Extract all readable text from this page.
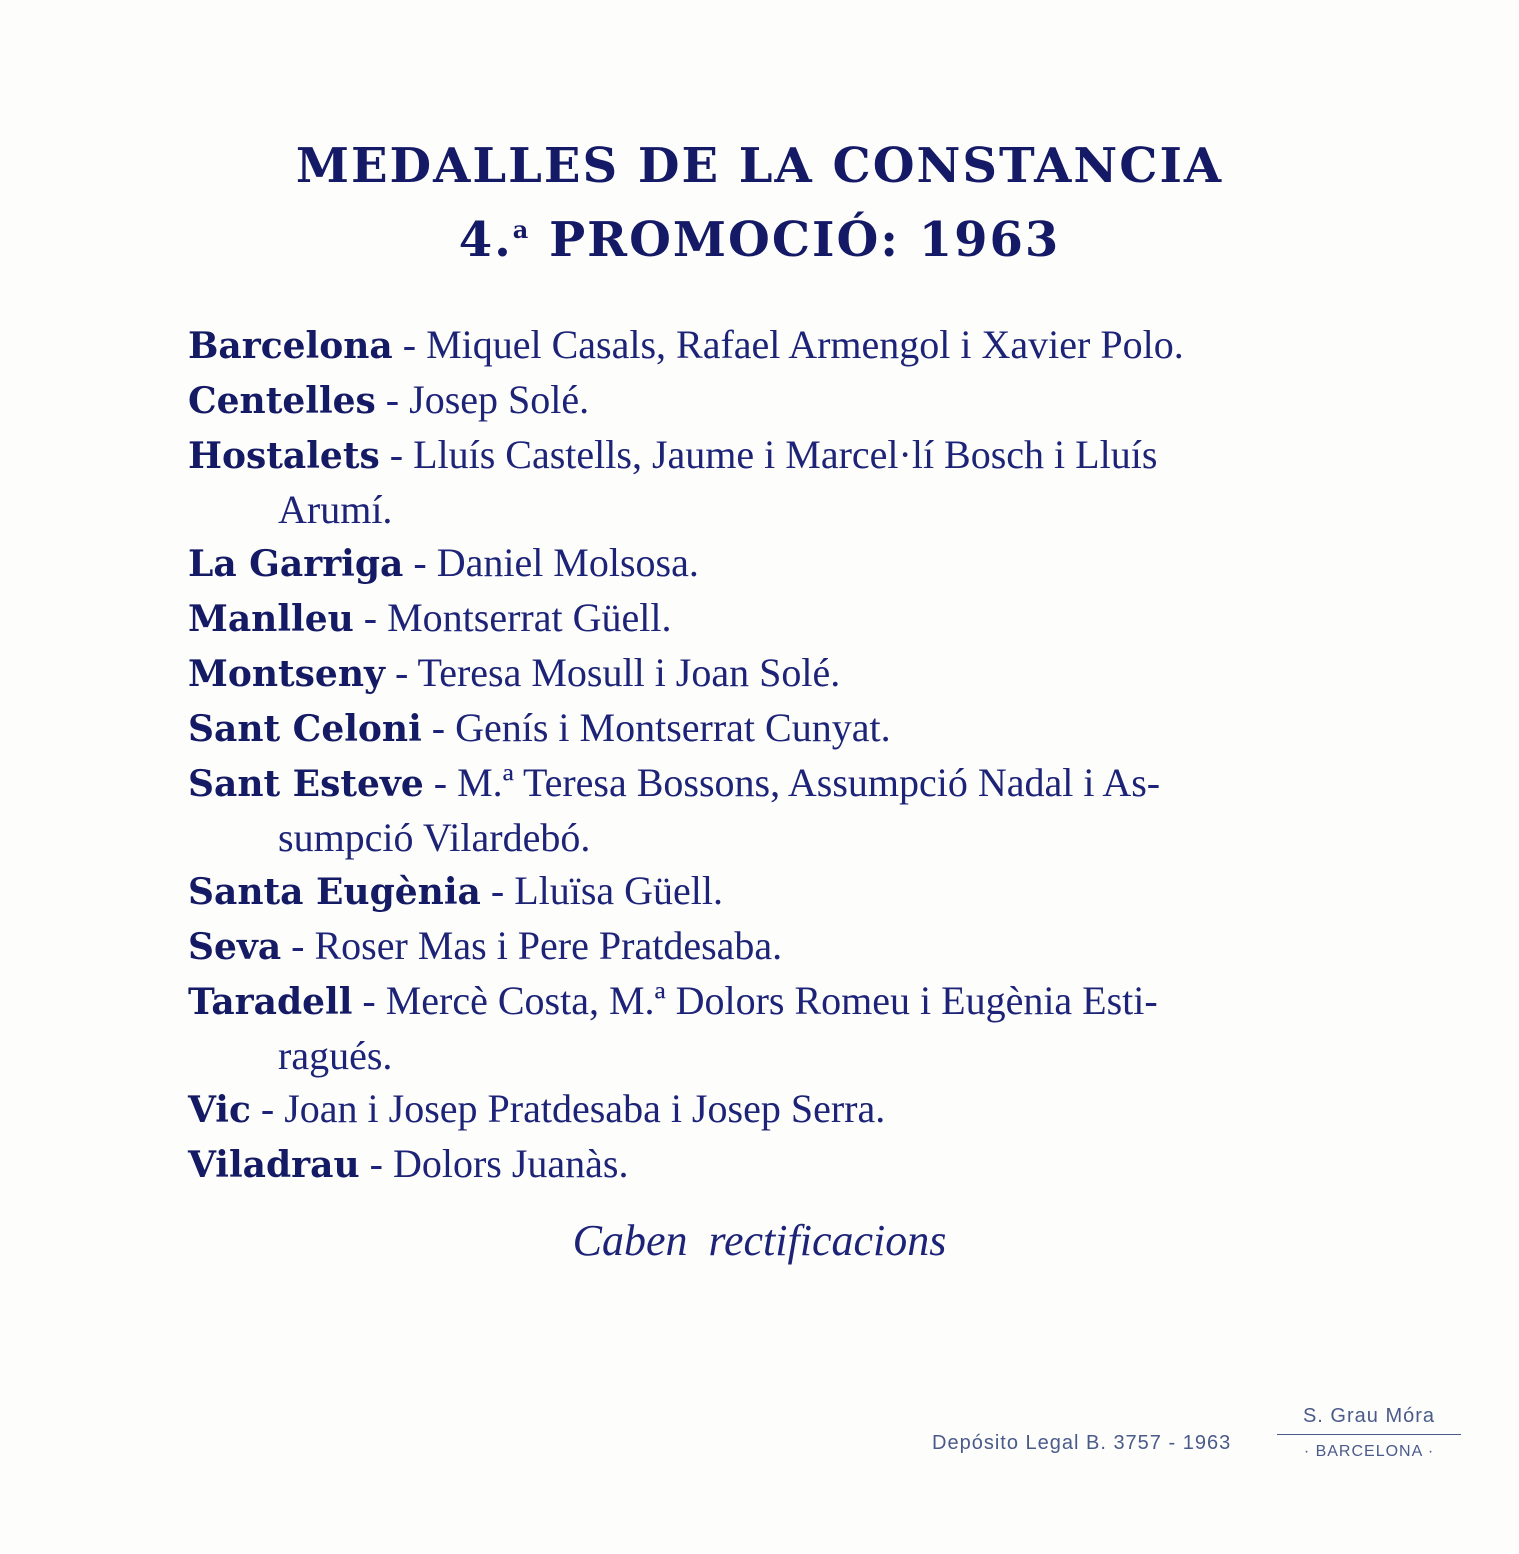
MEDALLES DE LA CONSTANCIA
4.$^a$ PROMOCIÓ: 1963
Barcelona - Miquel Casals, Rafael Armengol i Xavier Polo.
Centelles - Josep Solé.
Hostalets - Lluís Castells, Jaume i Marcel·lí Bosch i Lluís
Arumí.
La Garriga - Daniel Molsosa.
Manlleu - Montserrat Güell.
Montseny - Teresa Mosull i Joan Solé.
Sant Celoni - Genís i Montserrat Cunyat.
Sant Esteve - M.ª Teresa Bossons, Assumpció Nadal i As-
sumpció Vilardebó.
Santa Eugènia - Lluïsa Güell.
Seva - Roser Mas i Pere Pratdesaba.
Taradell - Mercè Costa, M.ª Dolors Romeu i Eugènia Esti-
ragués.
Vic - Joan i Josep Pratdesaba i Josep Serra.
Viladrau - Dolors Juanàs.
Caben rectificacions
Depósito Legal B. 3757 - 1963
S. Grau Móra
· BARCELONA ·
